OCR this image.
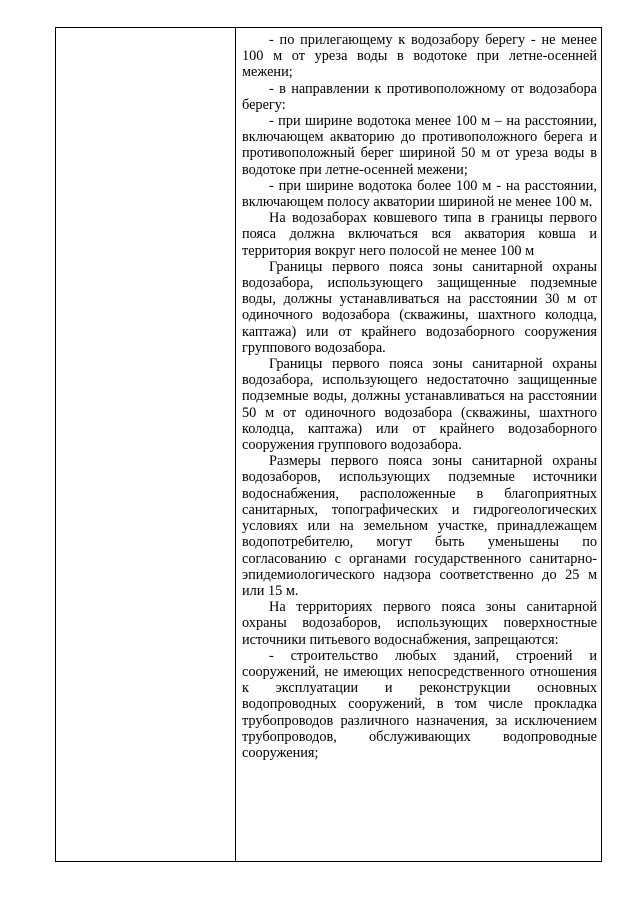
- по прилегающему к водозабору берегу - не менее 100 м от уреза воды в водотоке при летне-осенней межени;

- в направлении к противоположному от водозабора берегу:

- при ширине водотока менее 100 м – на расстоянии, включающем акваторию до противоположного берега и противоположный берег шириной 50 м от уреза воды в водотоке при летне-осенней межени;

- при ширине водотока более 100 м - на расстоянии, включающем полосу акватории шириной не менее 100 м.

На водозаборах ковшевого типа в границы первого пояса должна включаться вся акватория ковша и территория вокруг него полосой не менее 100 м

Границы первого пояса зоны санитарной охраны водозабора, использующего защищенные подземные воды, должны устанавливаться на расстоянии 30 м от одиночного водозабора (скважины, шахтного колодца, каптажа) или от крайнего водозаборного сооружения группового водозабора.

Границы первого пояса зоны санитарной охраны водозабора, использующего недостаточно защищенные подземные воды, должны устанавливаться на расстоянии 50 м от одиночного водозабора (скважины, шахтного колодца, каптажа) или от крайнего водозаборного сооружения группового водозабора.

Размеры первого пояса зоны санитарной охраны водозаборов, использующих подземные источники водоснабжения, расположенные в благоприятных санитарных, топографических и гидрогеологических условиях или на земельном участке, принадлежащем водопотребителю, могут быть уменьшены по согласованию с органами государственного санитарно-эпидемиологического надзора соответственно до 25 м или 15 м.

На территориях первого пояса зоны санитарной охраны водозаборов, использующих поверхностные источники питьевого водоснабжения, запрещаются:

- строительство любых зданий, строений и сооружений, не имеющих непосредственного отношения к эксплуатации и реконструкции основных водопроводных сооружений, в том числе прокладка трубопроводов различного назначения, за исключением трубопроводов, обслуживающих водопроводные сооружения;
